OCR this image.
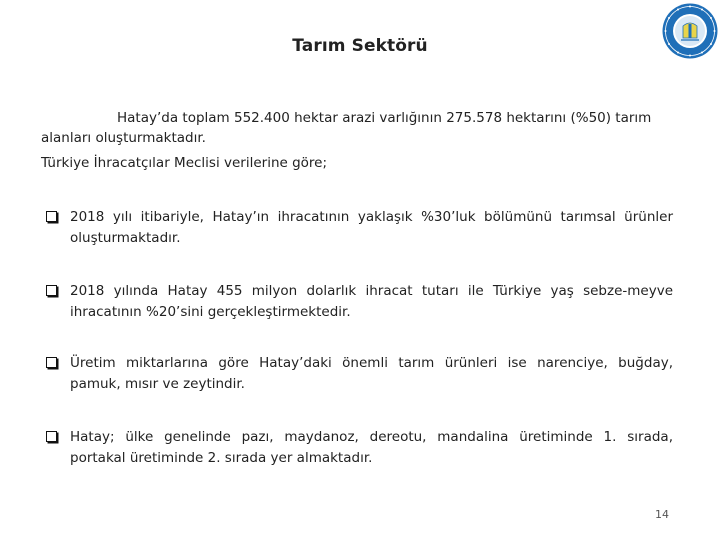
Tarım Sektörü

Hatay’da toplam 552.400 hektar arazi varlığının 275.578 hektarını (%50) tarım alanları oluşturmaktadır.

Türkiye İhracatçılar Meclisi verilerine göre;

2018 yılı itibariyle, Hatay’ın ihracatının yaklaşık %30’luk bölümünü tarımsal ürünler oluşturmaktadır.
2018 yılında Hatay 455 milyon dolarlık ihracat tutarı ile Türkiye yaş sebze-meyve ihracatının %20’sini gerçekleştirmektedir.
Üretim miktarlarına göre Hatay’daki önemli tarım ürünleri ise narenciye, buğday, pamuk, mısır ve zeytindir.
Hatay; ülke genelinde pazı, maydanoz, dereotu, mandalina üretiminde 1. sırada, portakal üretiminde 2. sırada yer almaktadır.
14
